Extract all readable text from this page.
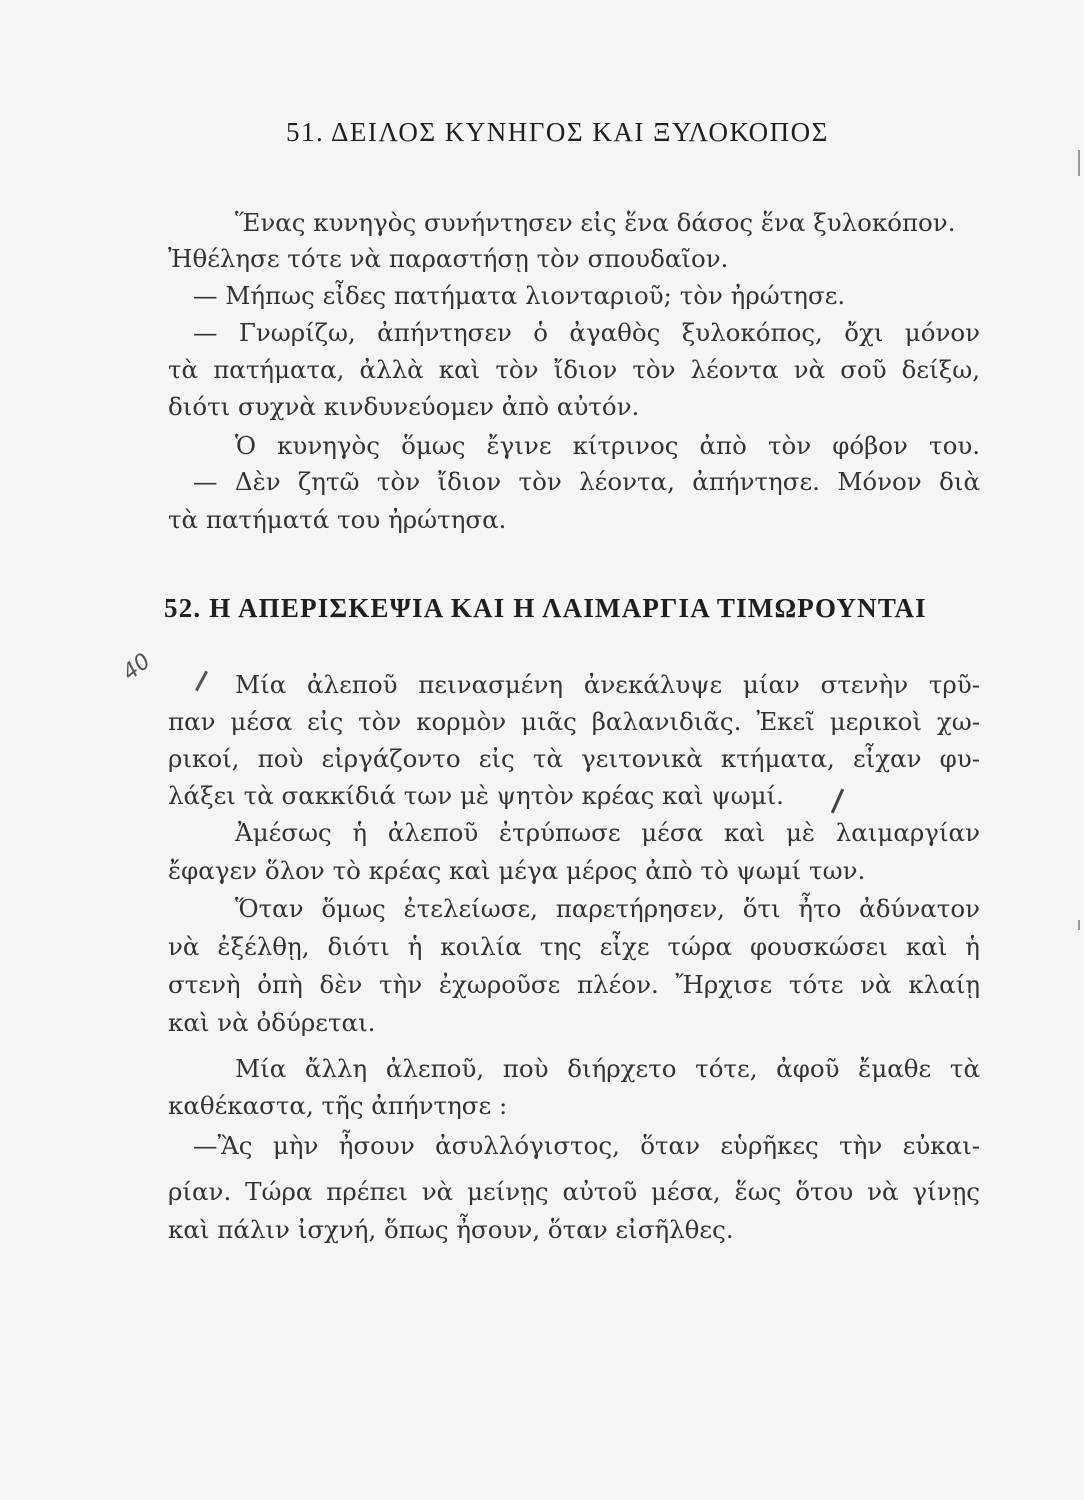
51. ΔΕΙΛΟΣ ΚΥΝΗΓΟΣ ΚΑΙ ΞΥΛΟΚΟΠΟΣ
Ἕνας κυνηγὸς συνήντησεν εἰς ἕνα δάσος ἕνα ξυλοκόπον.
Ἠθέλησε τότε νὰ παραστήσῃ τὸν σπουδαῖον.
— Μήπως εἶδες πατήματα λιονταριοῦ; τὸν ἠρώτησε.
— Γνωρίζω, ἀπήντησεν ὁ ἀγαθὸς ξυλοκόπος, ὄχι μόνον
τὰ πατήματα, ἀλλὰ καὶ τὸν ἴδιον τὸν λέοντα νὰ σοῦ δείξω,
διότι συχνὰ κινδυνεύομεν ἀπὸ αὐτόν.
Ὁ κυνηγὸς ὅμως ἔγινε κίτρινος ἀπὸ τὸν φόβον του.
— Δὲν ζητῶ τὸν ἴδιον τὸν λέοντα, ἀπήντησε. Μόνον διὰ
τὰ πατήματά του ἠρώτησα.
52. Η ΑΠΕΡΙΣΚΕΨΙΑ ΚΑΙ Η ΛΑΙΜΑΡΓΙΑ ΤΙΜΩΡΟΥΝΤΑΙ
40	Μία ἀλεποῦ πεινασμένη ἀνεκάλυψε μίαν στενὴν τρῦ-
παν μέσα εἰς τὸν κορμὸν μιᾶς βαλανιδιᾶς. Ἐκεῖ μερικοὶ χω-
ρικοί, ποὺ εἰργάζοντο εἰς τὰ γειτονικὰ κτήματα, εἶχαν φυ-
λάξει τὰ σακκίδιά των μὲ ψητὸν κρέας καὶ ψωμί.
Ἀμέσως ἡ ἀλεποῦ ἐτρύπωσε μέσα καὶ μὲ λαιμαργίαν
ἔφαγεν ὅλον τὸ κρέας καὶ μέγα μέρος ἀπὸ τὸ ψωμί των.
Ὅταν ὅμως ἐτελείωσε, παρετήρησεν, ὅτι ἦτο ἀδύνατον
νὰ ἐξέλθῃ, διότι ἡ κοιλία της εἶχε τώρα φουσκώσει καὶ ἡ
στενὴ ὀπὴ δὲν τὴν ἐχωροῦσε πλέον. Ἤρχισε τότε νὰ κλαίῃ
καὶ νὰ ὀδύρεται.
Μία ἄλλη ἀλεποῦ, ποὺ διήρχετο τότε, ἀφοῦ ἔμαθε τὰ
καθέκαστα, τῆς ἀπήντησε :
—Ἂς μὴν ἦσουν ἀσυλλόγιστος, ὅταν εὑρῆκες τὴν εὐκαι-
ρίαν. Τώρα πρέπει νὰ μείνῃς αὐτοῦ μέσα, ἕως ὅτου νὰ γίνῃς
καὶ πάλιν ἰσχνή, ὅπως ἦσουν, ὅταν εἰσῆλθες.
